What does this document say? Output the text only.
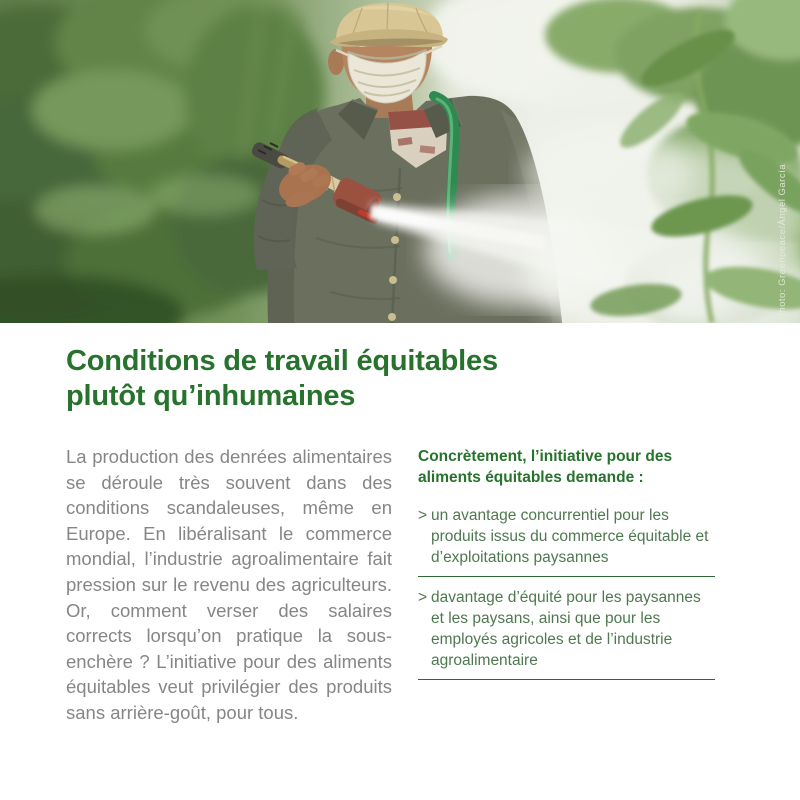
Photo: Greenpeace/Ángel García
Conditions de travail équitables
plutôt qu’inhumaines

La production des denrées alimentaires se déroule très souvent dans des conditions scandaleuses, même en Europe. En libéralisant le commerce mondial, l’industrie agroalimentaire fait pression sur le revenu des agriculteurs. Or, comment verser des salaires corrects lorsqu’on pratique la sous-enchère ? L’initiative pour des aliments équitables veut privilégier des produits sans arrière-goût, pour tous.

Concrètement, l’initiative pour des aliments équitables demande :
> un avantage concurrentiel pour les produits issus du commerce équitable et d’exploitations paysannes

> davantage d’équité pour les paysannes et les paysans, ainsi que pour les employés agricoles et de l’industrie agroalimentaire
